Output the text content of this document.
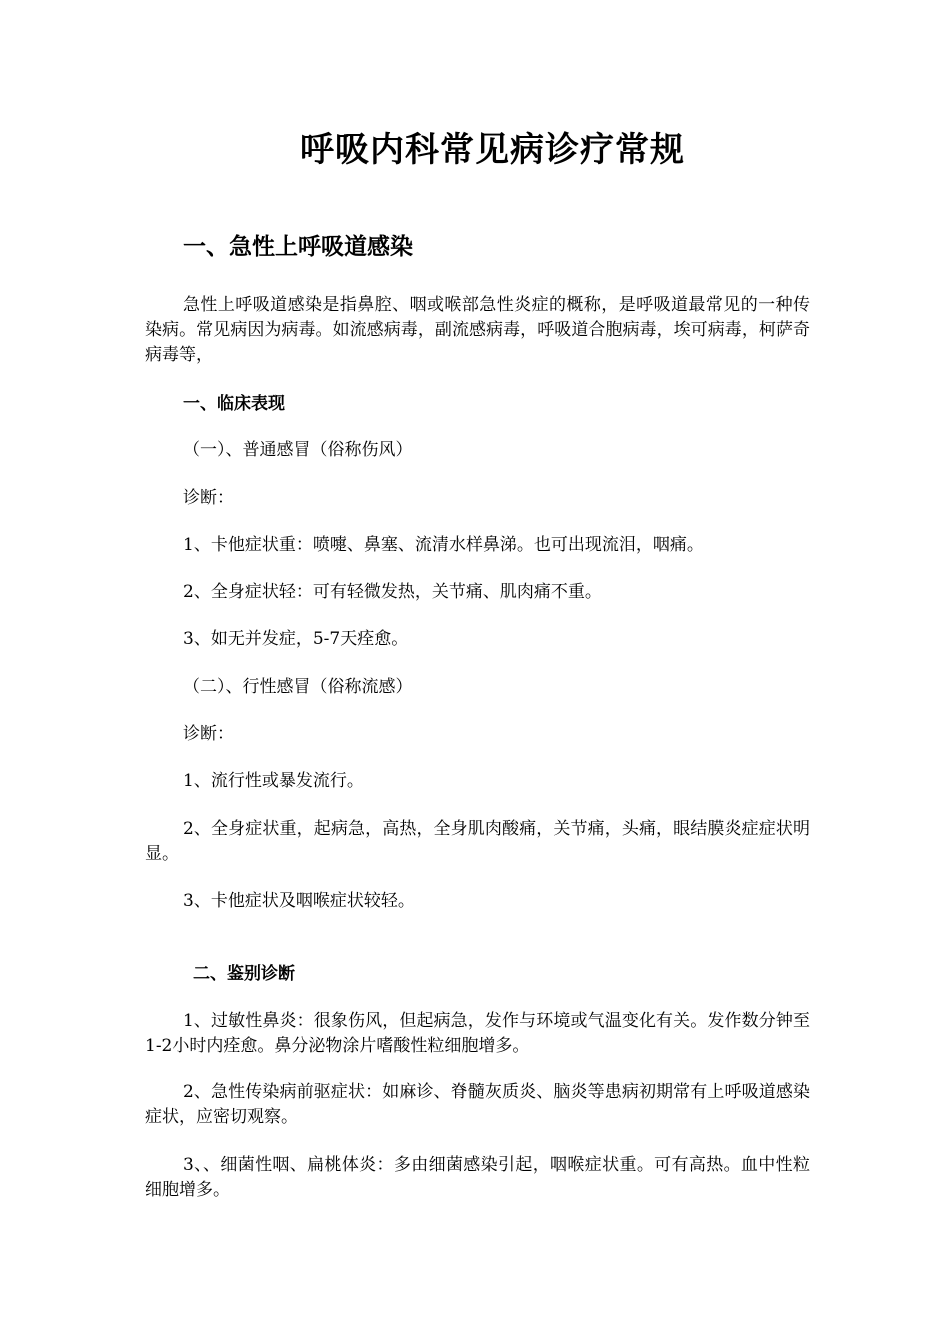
呼吸内科常见病诊疗常规
一、急性上呼吸道感染
急性上呼吸道感染是指鼻腔、咽或喉部急性炎症的概称，是呼吸道最常见的一种传染病。常见病因为病毒。如流感病毒，副流感病毒，呼吸道合胞病毒，埃可病毒，柯萨奇病毒等，
一、临床表现
（一）、普通感冒（俗称伤风）
诊断：
1、卡他症状重：喷嚏、鼻塞、流清水样鼻涕。也可出现流泪，咽痛。
2、全身症状轻：可有轻微发热，关节痛、肌肉痛不重。
3、如无并发症，5-7天痊愈。
（二）、行性感冒（俗称流感）
诊断：
1、流行性或暴发流行。
2、全身症状重，起病急，高热，全身肌肉酸痛，关节痛，头痛，眼结膜炎症症状明显。
3、卡他症状及咽喉症状较轻。
二、鉴别诊断
1、过敏性鼻炎：很象伤风，但起病急，发作与环境或气温变化有关。发作数分钟至1-2小时内痊愈。鼻分泌物涂片嗜酸性粒细胞增多。
2、急性传染病前驱症状：如麻诊、脊髓灰质炎、脑炎等患病初期常有上呼吸道感染症状，应密切观察。
3、、细菌性咽、扁桃体炎：多由细菌感染引起，咽喉症状重。可有高热。血中性粒细胞增多。
